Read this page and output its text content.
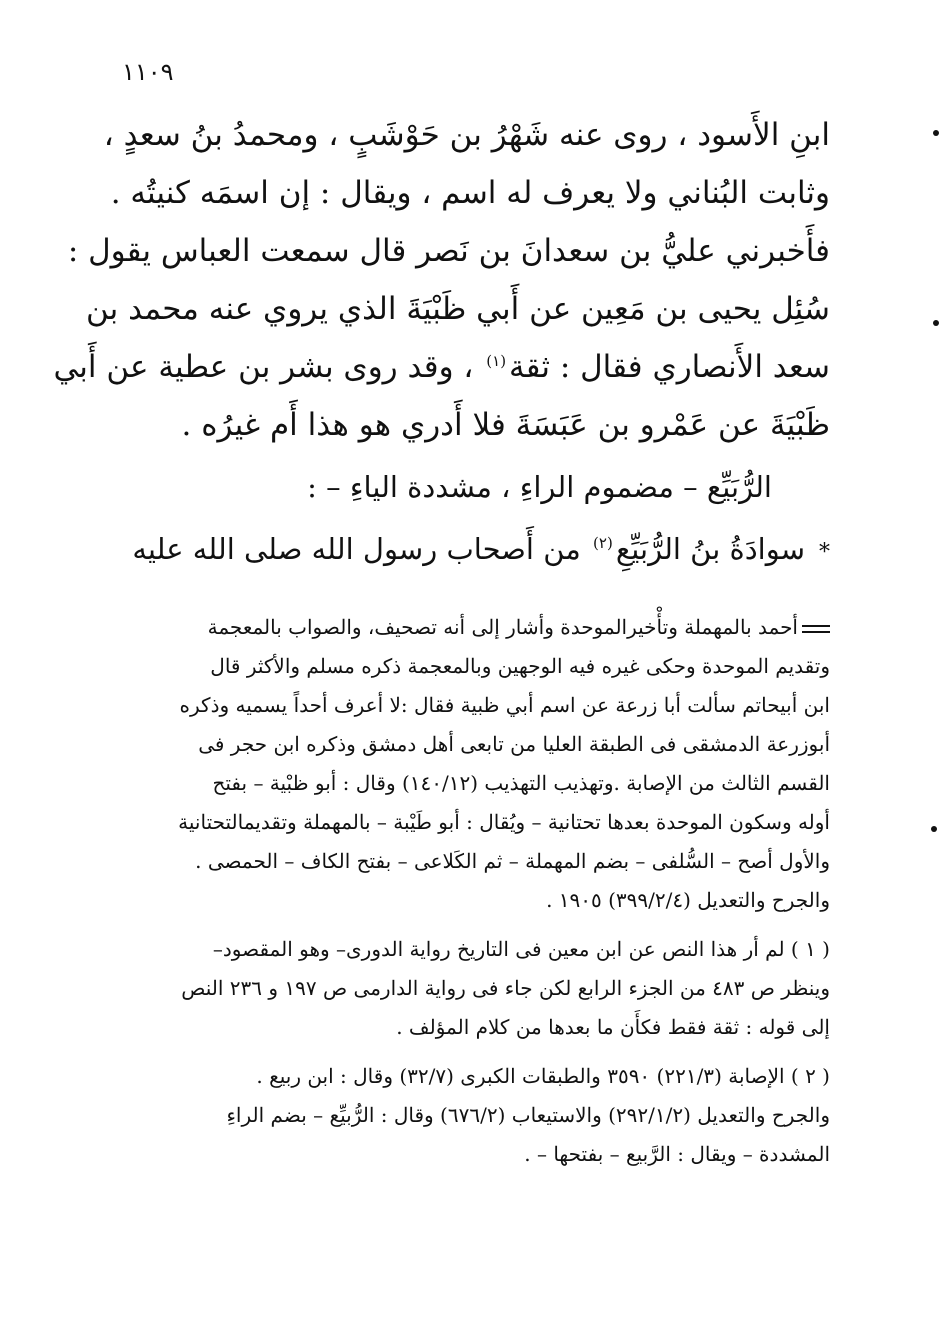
١١٠٩
ابنِ الأَسود ، روى عنه شَهْرُ بن حَوْشَبٍ ، ومحمدُ بنُ سعدٍ ،
وثابت البُناني ولا يعرف له اسم ، ويقال : إن اسمَه كنيتُه .
فأَخبرني عليُّ بن سعدانَ بن نَصر قال سمعت العباس يقول :
سُئِل يحيى بن مَعِين عن أَبي ظَبْيَةَ الذي يروي عنه محمد بن
سعد الأَنصاري فقال : ثقة$^{(١)}$ ، وقد روى بشر بن عطية عن أَبي
ظَبْيَةَ عن عَمْرو بن عَبَسَةَ فلا أَدري هو هذا أَم غيرُه .
الرُّبَيِّع – مضموم الراءِ ، مشددة الياءِ – :
*سوادَةُ بنُ الرُّبَيِّعِ$^{(٢)}$ من أَصحاب رسول الله صلى الله عليه
أحمد بالمهملة وتأْخيرالموحدة وأشار إلى أنه تصحيف، والصواب بالمعجمة
وتقديم الموحدة وحكى غيره فيه الوجهين وبالمعجمة ذكره مسلم والأكثر قال
ابن أبيحاتم سألت أبا زرعة عن اسم أبي ظبية فقال :لا أعرف أحداً يسميه وذكره
أبوزرعة الدمشقى فى الطبقة العليا من تابعى أهل دمشق وذكره ابن حجر فى
القسم الثالث من الإصابة .وتهذيب التهذيب (١٤٠/١٢) وقال : أبو ظبْية – بفتح
أوله وسكون الموحدة بعدها تحتانية – ويُقال : أبو طَيْبة – بالمهملة وتقديمالتحتانية
والأول أصح – السُّلفى – بضم المهملة – ثم الكَلاعى – بفتح الكاف – الحمصى .
والجرح والتعديل (٣٩٩/٢/٤) ١٩٠٥ .
( ١ ) لم أر هذا النص عن ابن معين فى التاريخ رواية الدورى– وهو المقصود–
وينظر ص ٤٨٣ من الجزء الرابع لكن جاء فى رواية الدارمى ص ١٩٧ و ٢٣٦ النص
إلى قوله : ثقة فقط فكأَن ما بعدها من كلام المؤلف .
( ٢ ) الإصابة (٢٢١/٣) ٣٥٩٠ والطبقات الكبرى (٣٢/٧) وقال : ابن ربيع .
والجرح والتعديل (٢٩٢/١/٢) والاستيعاب (٦٧٦/٢) وقال : الرُّبيِّع – بضم الراءِ
المشددة – ويقال : الرَّبيع – بفتحها – .
